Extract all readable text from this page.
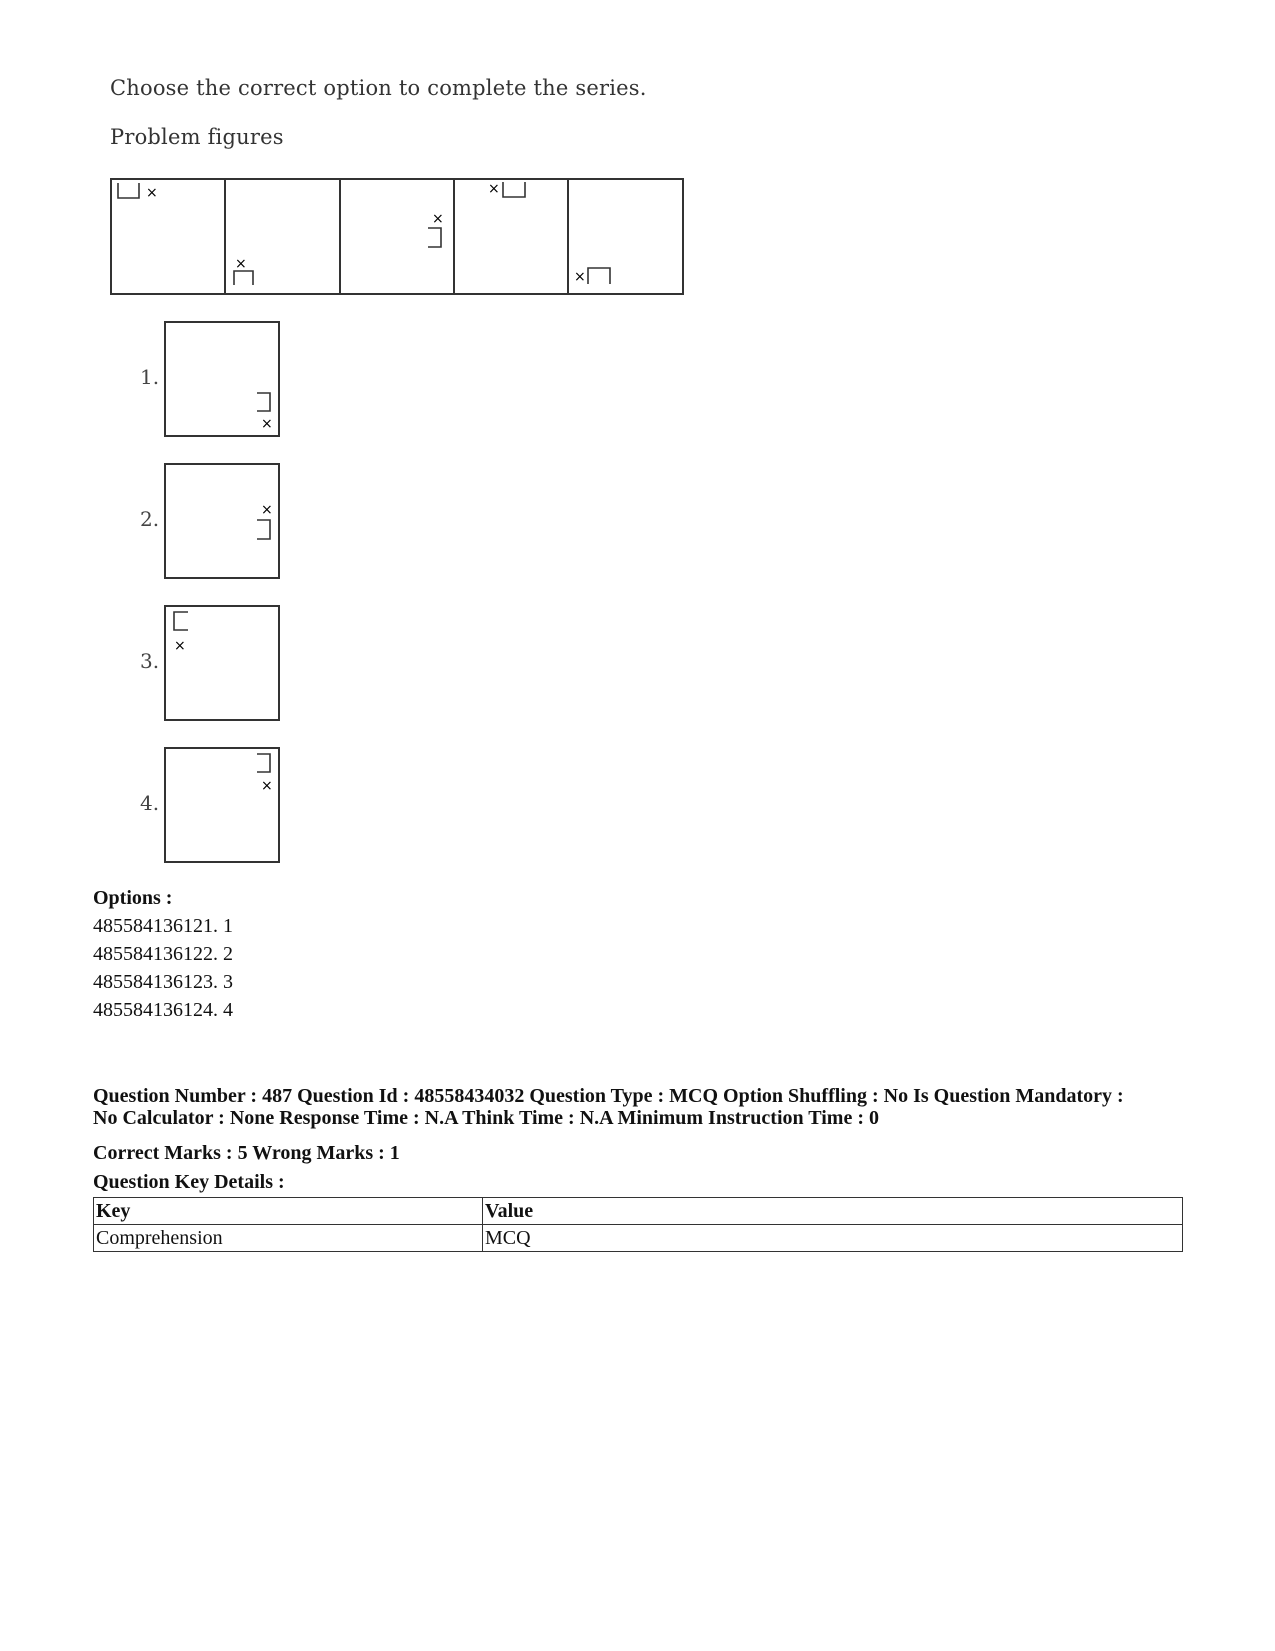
Choose the correct option to complete the series.

Problem figures

×
×
×
×
×
1.
×
2.	×
3.
×
4.
×
Options :
485584136121. 1
485584136122. 2
485584136123. 3
485584136124. 4
Question Number : 487 Question Id : 48558434032 Question Type : MCQ Option Shuffling : No Is Question Mandatory :
No Calculator : None Response Time : N.A Think Time : N.A Minimum Instruction Time : 0
Correct Marks : 5 Wrong Marks : 1
Question Key Details :
Key	Value
Comprehension	MCQ
